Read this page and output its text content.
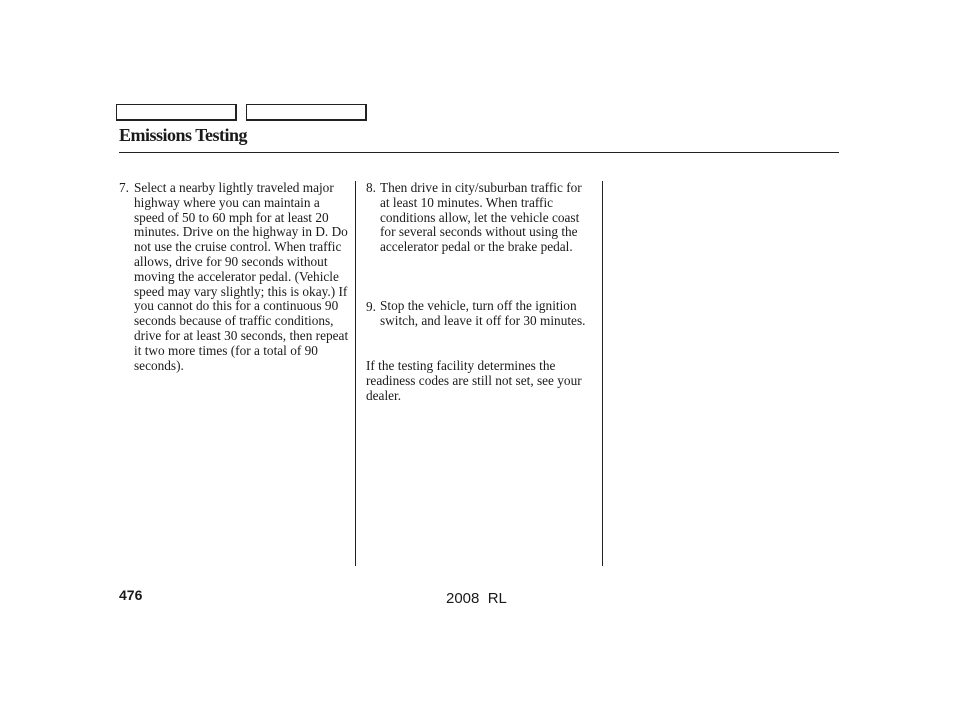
Emissions Testing
7. Select a nearby lightly traveled major highway where you can maintain a speed of 50 to 60 mph for at least 20 minutes. Drive on the highway in D. Do not use the cruise control. When traffic allows, drive for 90 seconds without moving the accelerator pedal. (Vehicle speed may vary slightly; this is okay.) If you cannot do this for a continuous 90 seconds because of traffic conditions, drive for at least 30 seconds, then repeat it two more times (for a total of 90 seconds).
8. Then drive in city/suburban traffic for at least 10 minutes. When traffic conditions allow, let the vehicle coast for several seconds without using the accelerator pedal or the brake pedal.
9. Stop the vehicle, turn off the ignition switch, and leave it off for 30 minutes.

If the testing facility determines the readiness codes are still not set, see your dealer.

476	2008  RL
